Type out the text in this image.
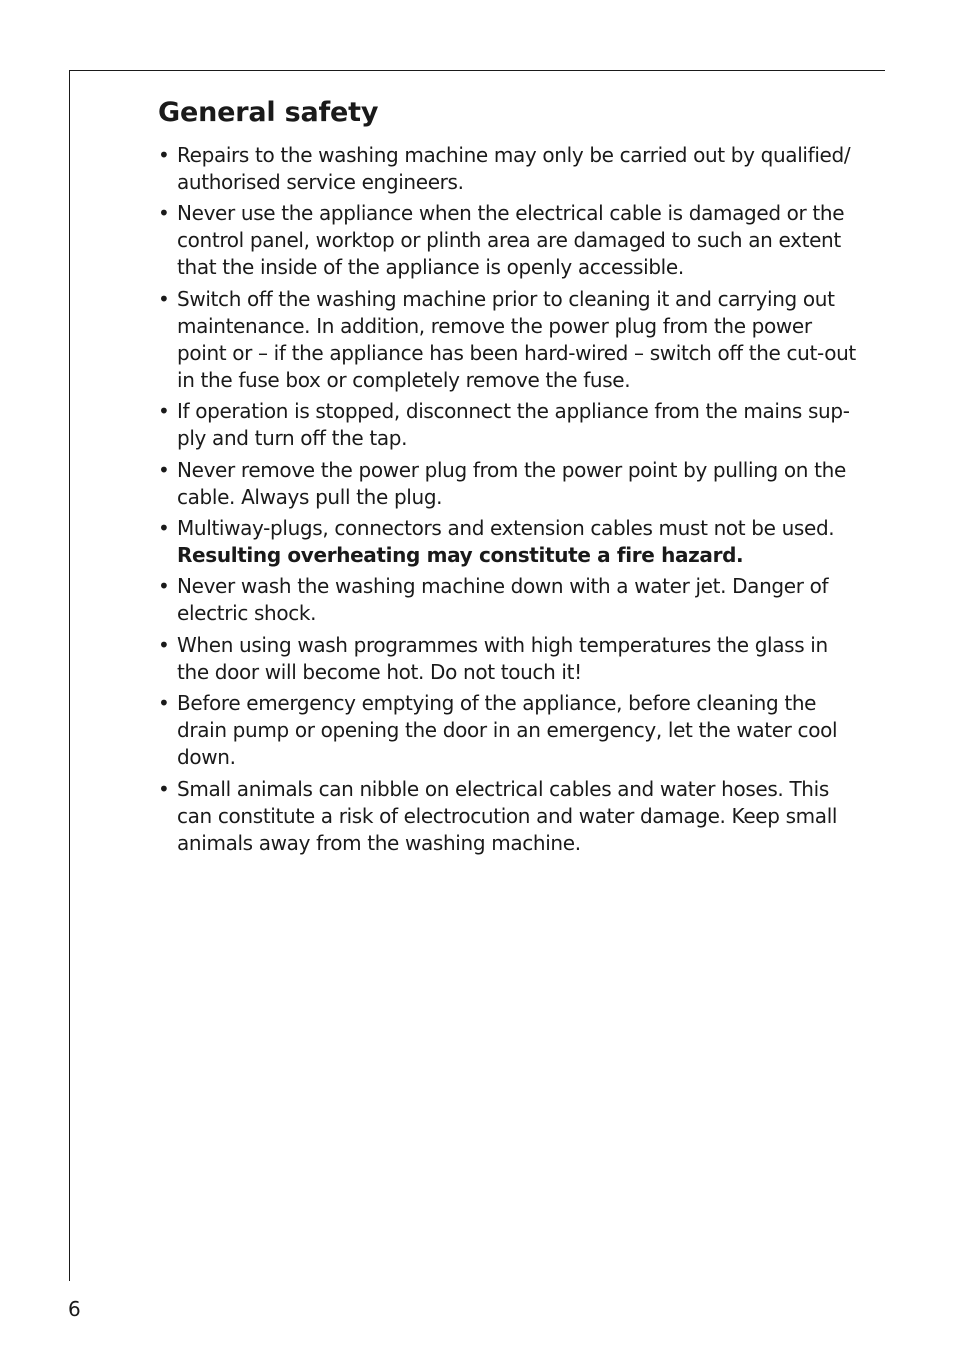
General safety
• Repairs to the washing machine may only be carried out by qualified/ authorised service engineers.
• Never use the appliance when the electrical cable is damaged or the control panel, worktop or plinth area are damaged to such an extent that the inside of the appliance is openly accessible.
• Switch off the washing machine prior to cleaning it and carrying out maintenance. In addition, remove the power plug from the power point or – if the appliance has been hard-wired – switch off the cut-out in the fuse box or completely remove the fuse.
• If operation is stopped, disconnect the appliance from the mains sup-ply and turn off the tap.
• Never remove the power plug from the power point by pulling on the cable. Always pull the plug.
• Multiway-plugs, connectors and extension cables must not be used.
Resulting overheating may constitute a fire hazard.
• Never wash the washing machine down with a water jet. Danger of electric shock.
• When using wash programmes with high temperatures the glass in the door will become hot. Do not touch it!
• Before emergency emptying of the appliance, before cleaning the drain pump or opening the door in an emergency, let the water cool down.
• Small animals can nibble on electrical cables and water hoses. This can constitute a risk of electrocution and water damage. Keep small animals away from the washing machine.
6
